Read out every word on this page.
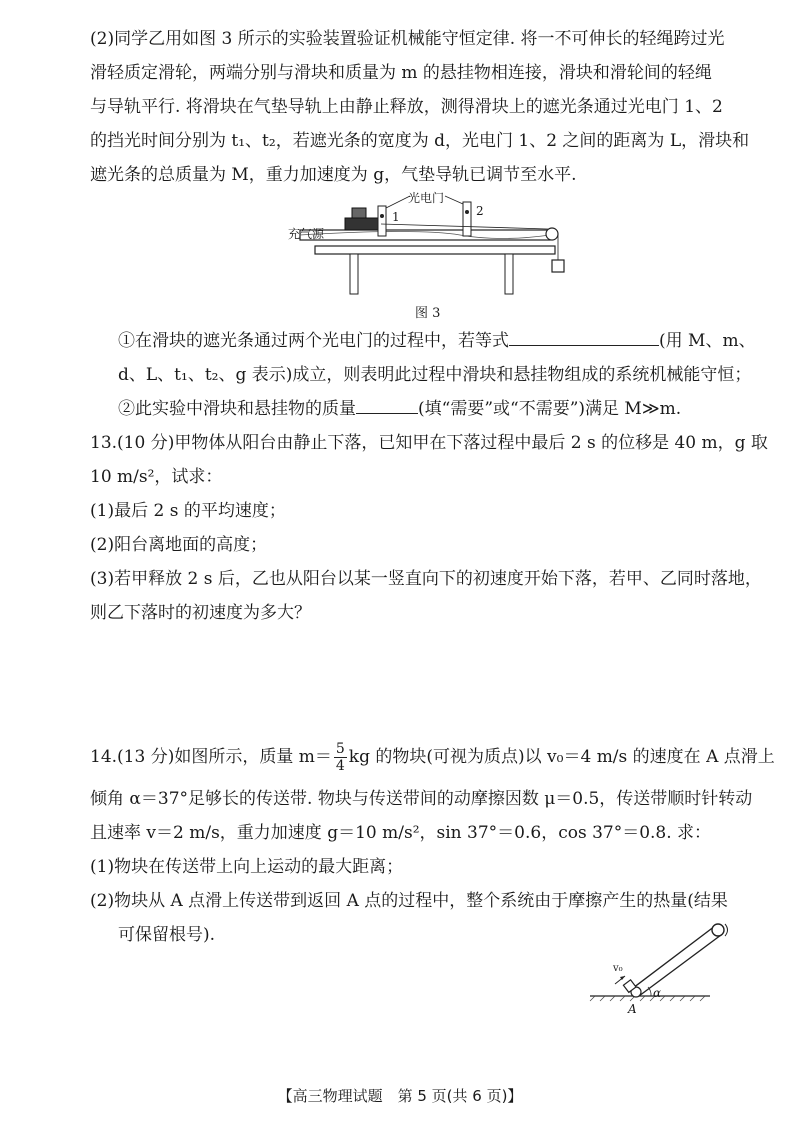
(2)同学乙用如图 3 所示的实验装置验证机械能守恒定律. 将一不可伸长的轻绳跨过光
滑轻质定滑轮，两端分别与滑块和质量为 m 的悬挂物相连接，滑块和滑轮间的轻绳
与导轨平行. 将滑块在气垫导轨上由静止释放，测得滑块上的遮光条通过光电门 1、2
的挡光时间分别为 t₁、t₂，若遮光条的宽度为 d，光电门 1、2 之间的距离为 L，滑块和
遮光条的总质量为 M，重力加速度为 g，气垫导轨已调节至水平.
光电门
充气源
1	2
图 3
①在滑块的遮光条通过两个光电门的过程中，若等式	(用 M、m、
d、L、t₁、t₂、g 表示)成立，则表明此过程中滑块和悬挂物组成的系统机械能守恒；
②此实验中滑块和悬挂物的质量	(填“需要”或“不需要”)满足 M≫m.
13.(10 分)甲物体从阳台由静止下落，已知甲在下落过程中最后 2 s 的位移是 40 m，g 取
10 m/s²，试求：
(1)最后 2 s 的平均速度；
(2)阳台离地面的高度；
(3)若甲释放 2 s 后，乙也从阳台以某一竖直向下的初速度开始下落，若甲、乙同时落地，
则乙下落时的初速度为多大？
14.(13 分)如图所示，质量 $m= \frac{5}{4}$ kg 的物块(可视为质点)以 v₀＝4 m/s 的速度在 A 点滑上
倾角 α＝37°足够长的传送带. 物块与传送带间的动摩擦因数 μ＝0.5，传送带顺时针转动
且速率 v＝2 m/s，重力加速度 g＝10 m/s²，sin 37°＝0.6，cos 37°＝0.8. 求：
(1)物块在传送带上向上运动的最大距离；
(2)物块从 A 点滑上传送带到返回 A 点的过程中，整个系统由于摩擦产生的热量(结果
可保留根号).
v₀
α
A
【高三物理试题　第 5 页(共 6 页)】
